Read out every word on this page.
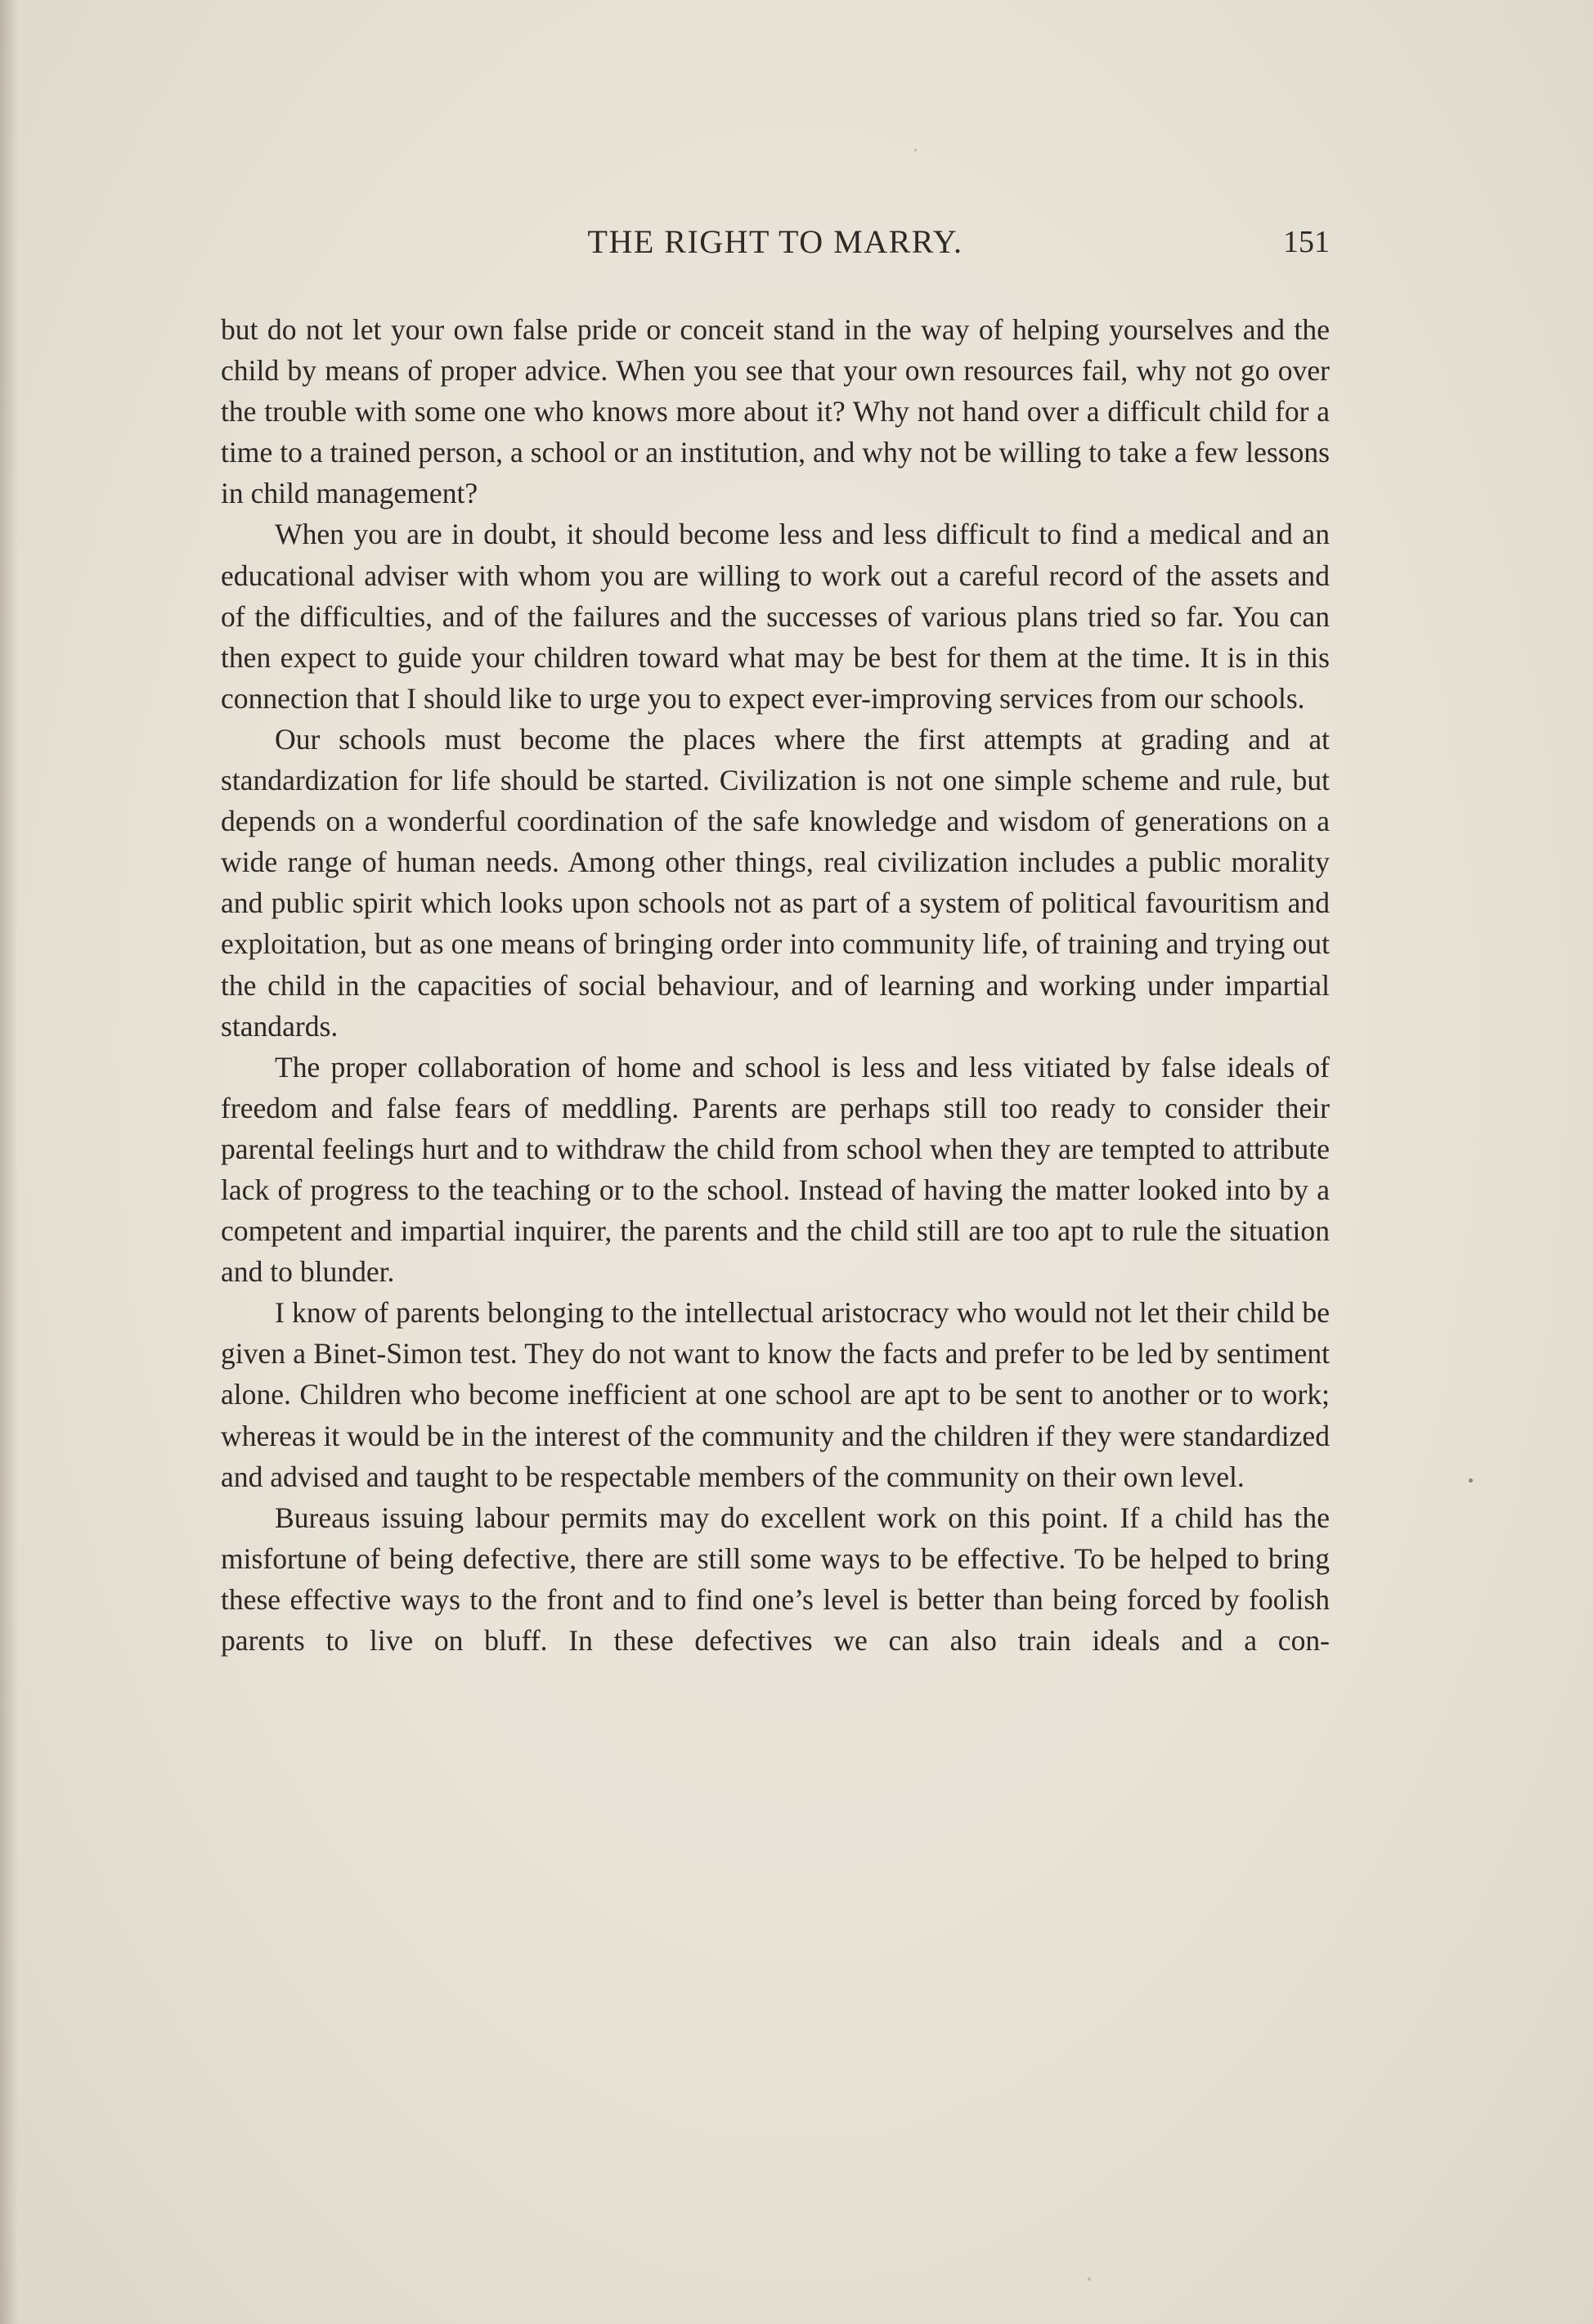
THE RIGHT TO MARRY.	151

but do not let your own false pride or conceit stand in the way of helping yourselves and the child by means of proper advice. When you see that your own resources fail, why not go over the trouble with some one who knows more about it? Why not hand over a difficult child for a time to a trained person, a school or an institution, and why not be willing to take a few lessons in child management?

When you are in doubt, it should become less and less difficult to find a medical and an educational adviser with whom you are willing to work out a careful record of the assets and of the difficulties, and of the failures and the successes of various plans tried so far. You can then expect to guide your children toward what may be best for them at the time. It is in this connection that I should like to urge you to expect ever-improving services from our schools.

Our schools must become the places where the first attempts at grading and at standardization for life should be started. Civilization is not one simple scheme and rule, but depends on a wonderful coordination of the safe knowledge and wisdom of generations on a wide range of human needs. Among other things, real civilization includes a public morality and public spirit which looks upon schools not as part of a system of political favouritism and exploitation, but as one means of bringing order into community life, of training and trying out the child in the capacities of social behaviour, and of learning and working under impartial standards.

The proper collaboration of home and school is less and less vitiated by false ideals of freedom and false fears of meddling. Parents are perhaps still too ready to consider their parental feelings hurt and to withdraw the child from school when they are tempted to attribute lack of progress to the teaching or to the school. Instead of having the matter looked into by a competent and impartial inquirer, the parents and the child still are too apt to rule the situation and to blunder.

I know of parents belonging to the intellectual aristocracy who would not let their child be given a Binet-Simon test. They do not want to know the facts and prefer to be led by sentiment alone. Children who become inefficient at one school are apt to be sent to another or to work; whereas it would be in the interest of the community and the children if they were standardized and advised and taught to be respectable members of the community on their own level.

Bureaus issuing labour permits may do excellent work on this point. If a child has the misfortune of being defective, there are still some ways to be effective. To be helped to bring these effective ways to the front and to find one’s level is better than being forced by foolish parents to live on bluff. In these defectives we can also train ideals and a con-
